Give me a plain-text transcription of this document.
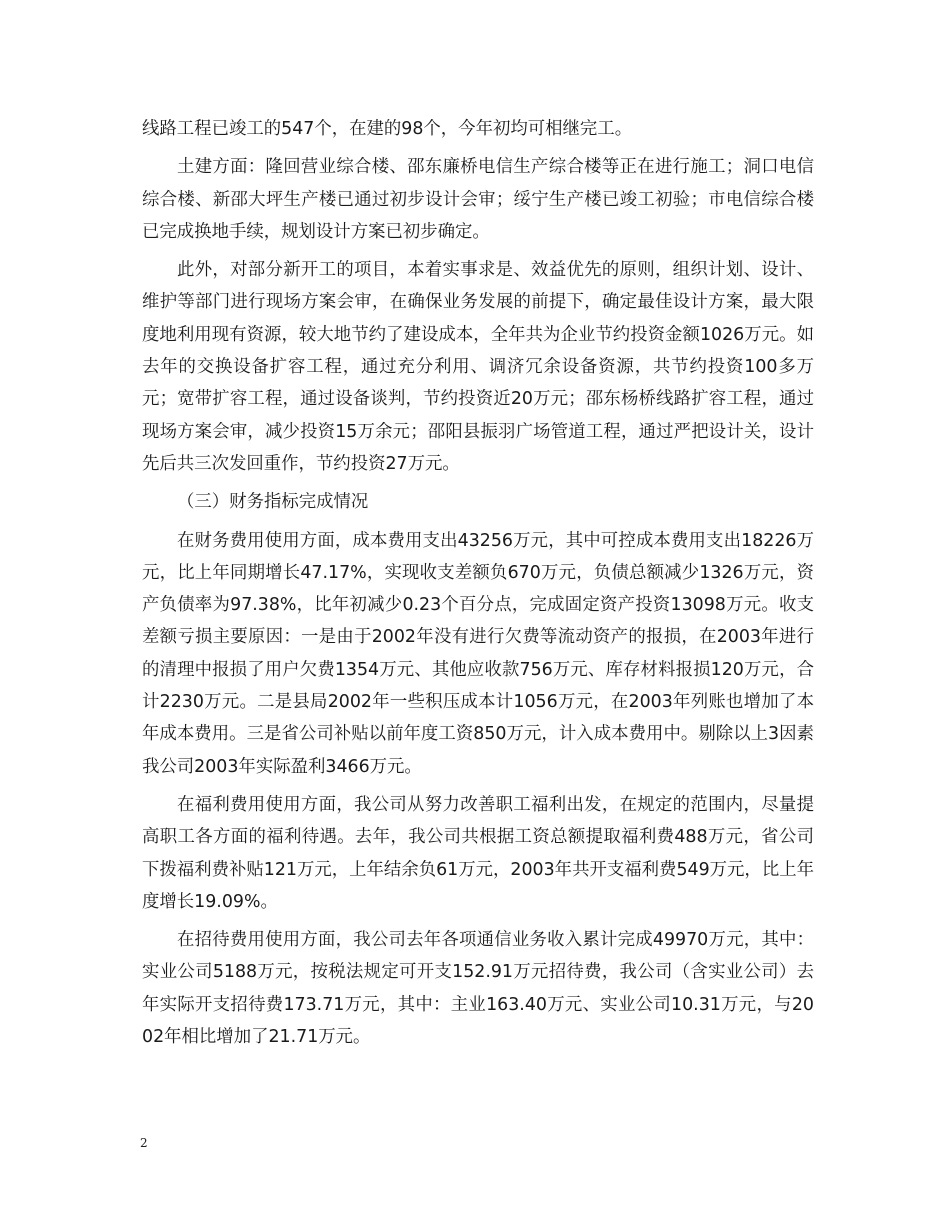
线路工程已竣工的547个，在建的98个，今年初均可相继完工。

土建方面：隆回营业综合楼、邵东廉桥电信生产综合楼等正在进行施工；洞口电信综合楼、新邵大坪生产楼已通过初步设计会审；绥宁生产楼已竣工初验；市电信综合楼已完成换地手续，规划设计方案已初步确定。

此外，对部分新开工的项目，本着实事求是、效益优先的原则，组织计划、设计、维护等部门进行现场方案会审，在确保业务发展的前提下，确定最佳设计方案，最大限度地利用现有资源，较大地节约了建设成本，全年共为企业节约投资金额1026万元。如去年的交换设备扩容工程，通过充分利用、调济冗余设备资源，共节约投资100多万元；宽带扩容工程，通过设备谈判，节约投资近20万元；邵东杨桥线路扩容工程，通过现场方案会审，减少投资15万余元；邵阳县振羽广场管道工程，通过严把设计关，设计先后共三次发回重作，节约投资27万元。

（三）财务指标完成情况

在财务费用使用方面，成本费用支出43256万元，其中可控成本费用支出18226万元，比上年同期增长47.17%，实现收支差额负670万元，负债总额减少1326万元，资产负债率为97.38%，比年初减少0.23个百分点，完成固定资产投资13098万元。收支差额亏损主要原因：一是由于2002年没有进行欠费等流动资产的报损，在2003年进行的清理中报损了用户欠费1354万元、其他应收款756万元、库存材料报损120万元，合计2230万元。二是县局2002年一些积压成本计1056万元，在2003年列账也增加了本年成本费用。三是省公司补贴以前年度工资850万元，计入成本费用中。剔除以上3因素我公司2003年实际盈利3466万元。

在福利费用使用方面，我公司从努力改善职工福利出发，在规定的范围内，尽量提高职工各方面的福利待遇。去年，我公司共根据工资总额提取福利费488万元，省公司下拨福利费补贴121万元，上年结余负61万元，2003年共开支福利费549万元，比上年度增长19.09%。

在招待费用使用方面，我公司去年各项通信业务收入累计完成49970万元，其中：实业公司5188万元，按税法规定可开支152.91万元招待费，我公司（含实业公司）去年实际开支招待费173.71万元，其中：主业163.40万元、实业公司10.31万元，与2002年相比增加了21.71万元。

2
